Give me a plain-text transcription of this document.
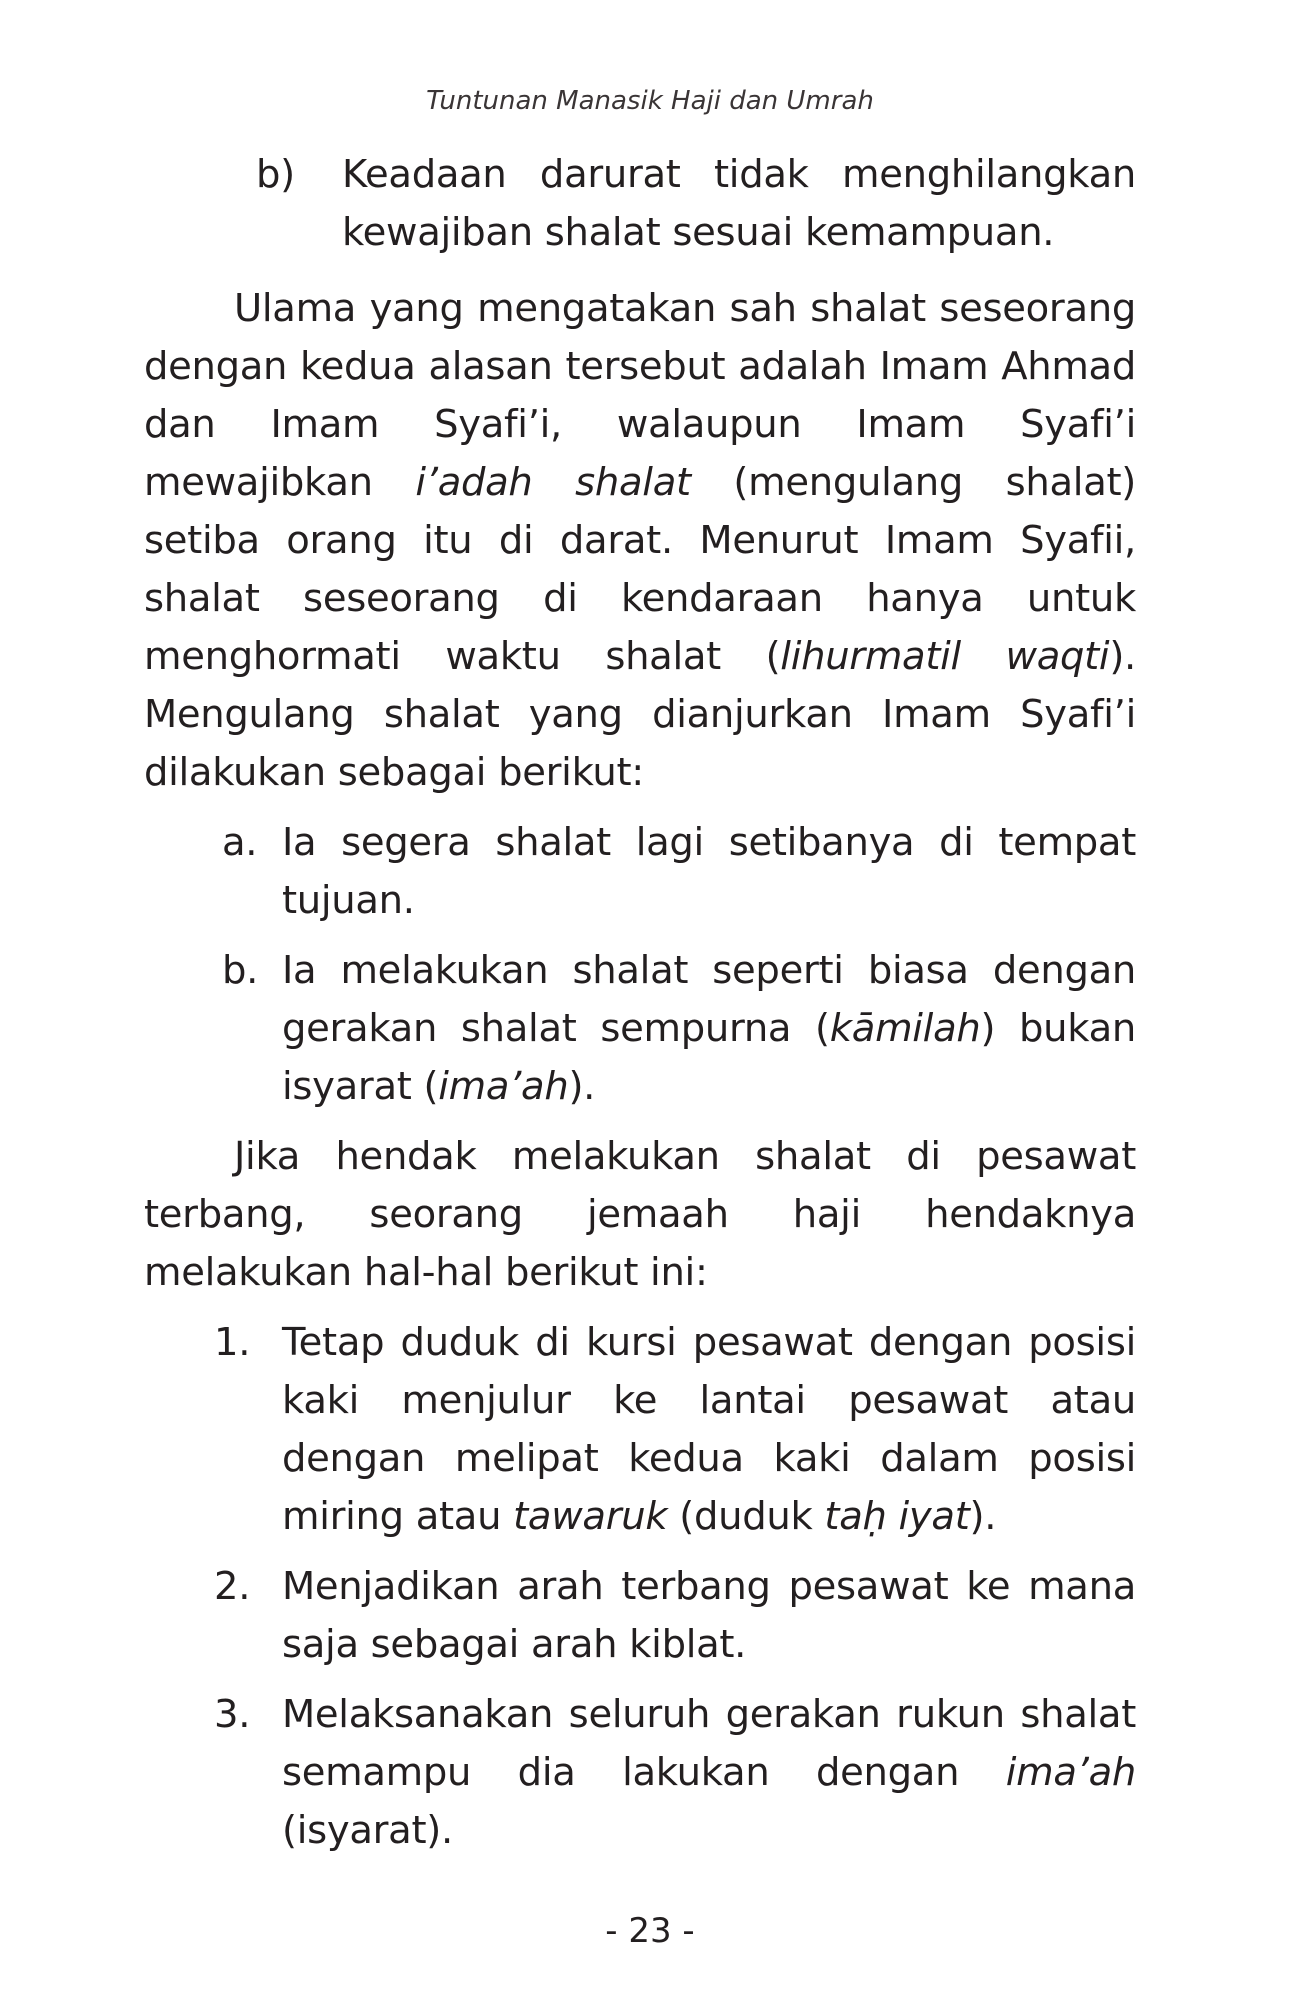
Tuntunan Manasik Haji dan Umrah
b)	Keadaan darurat tidak menghilangkan kewajiban shalat sesuai kemampuan.

Ulama yang mengatakan sah shalat seseorang dengan kedua alasan tersebut adalah Imam Ahmad dan Imam Syafi’i, walaupun Imam Syafi’i mewajibkan i’adah shalat (mengulang shalat) setiba orang itu di darat. Menurut Imam Syafii, shalat seseorang di kendaraan hanya untuk menghormati waktu shalat (lihurmatil waqti). Mengulang shalat yang dianjurkan Imam Syafi’i dilakukan sebagai berikut:

a. Ia segera shalat lagi setibanya di tempat tujuan.
b. Ia melakukan shalat seperti biasa dengan gerakan shalat sempurna (kāmilah) bukan isyarat (ima’ah).

Jika hendak melakukan shalat di pesawat terbang, seorang jemaah haji hendaknya melakukan hal-hal berikut ini:

1. Tetap duduk di kursi pesawat dengan posisi kaki menjulur ke lantai pesawat atau dengan melipat kedua kaki dalam posisi miring atau tawaruk (duduk taḥ iyat).
2. Menjadikan arah terbang pesawat ke mana saja sebagai arah kiblat.
3. Melaksanakan seluruh gerakan rukun shalat semampu dia lakukan dengan ima’ah (isyarat).
- 23 -
